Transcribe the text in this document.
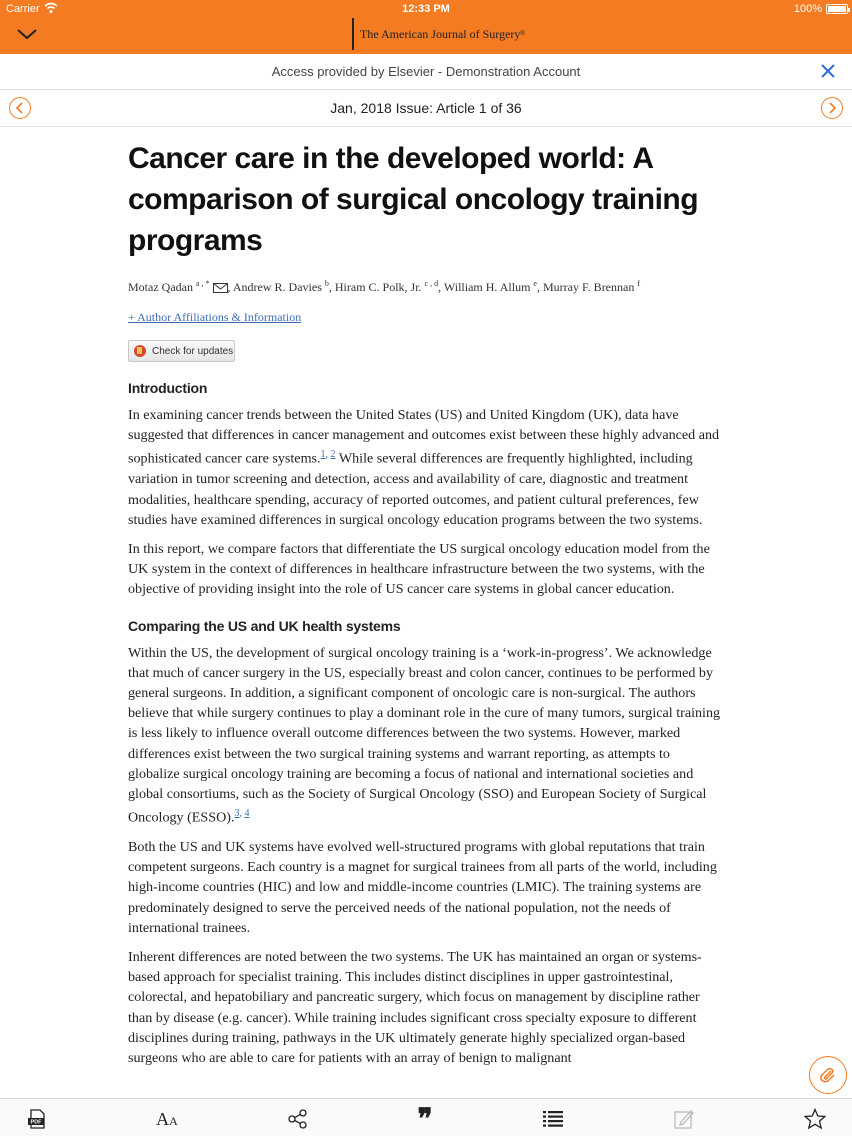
Carrier	12:33 PM	100%
The American Journal of Surgery ®
Access provided by Elsevier - Demonstration Account
Jan, 2018 Issue: Article 1 of 36
Cancer care in the developed world: A comparison of surgical oncology training programs
Motaz Qadan $^{a , *}$ , Andrew R. Davies $^b$, Hiram C. Polk, Jr. $^{c , d}$, William H. Allum $^e$, Murray F. Brennan $^f$
+ Author Affiliations & Information
Check for updates
Introduction

In examining cancer trends between the United States (US) and United Kingdom (UK), data have suggested that differences in cancer management and outcomes exist between these highly advanced and sophisticated cancer care systems.$^{1,}$ $^2$ While several differences are frequently highlighted, including variation in tumor screening and detection, access and availability of care, diagnostic and treatment modalities, healthcare spending, accuracy of reported outcomes, and patient cultural preferences, few studies have examined differences in surgical oncology education programs between the two systems.

In this report, we compare factors that differentiate the US surgical oncology education model from the UK system in the context of differences in healthcare infrastructure between the two systems, with the objective of providing insight into the role of US cancer care systems in global cancer education.

Comparing the US and UK health systems

Within the US, the development of surgical oncology training is a ‘work-in-progress’. We acknowledge that much of cancer surgery in the US, especially breast and colon cancer, continues to be performed by general surgeons. In addition, a significant component of oncologic care is non-surgical. The authors believe that while surgery continues to play a dominant role in the cure of many tumors, surgical training is less likely to influence overall outcome differences between the two systems. However, marked differences exist between the two surgical training systems and warrant reporting, as attempts to globalize surgical oncology training are becoming a focus of national and international societies and global consortiums, such as the Society of Surgical Oncology (SSO) and European Society of Surgical Oncology (ESSO).$^{3,}$ $^4$

Both the US and UK systems have evolved well-structured programs with global reputations that train competent surgeons. Each country is a magnet for surgical trainees from all parts of the world, including high-income countries (HIC) and low and middle-income countries (LMIC). The training systems are predominately designed to serve the perceived needs of the national population, not the needs of international trainees.

Inherent differences are noted between the two systems. The UK has maintained an organ or systems-based approach for specialist training. This includes distinct disciplines in upper gastrointestinal, colorectal, and hepatobiliary and pancreatic surgery, which focus on management by discipline rather than by disease (e.g. cancer). While training includes significant cross specialty exposure to different disciplines during training, pathways in the UK ultimately generate highly specialized organ-based surgeons who are able to care for patients with an array of benign to malignant

PDF	AA	❞
